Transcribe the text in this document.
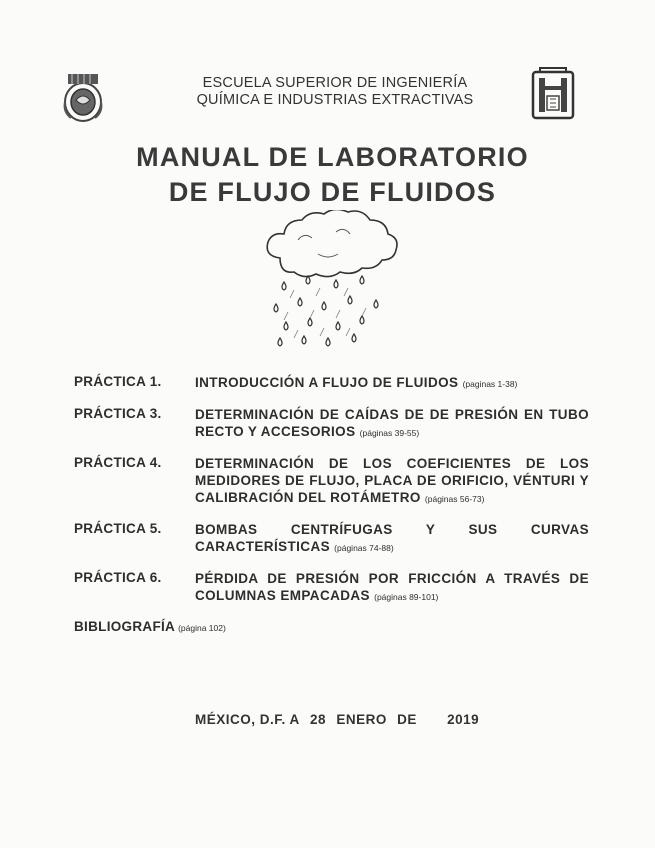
ESCUELA SUPERIOR DE INGENIERÍA
QUÍMICA E INDUSTRIAS EXTRACTIVAS
MANUAL DE LABORATORIO
DE FLUJO DE FLUIDOS
PRÁCTICA 1. INTRODUCCIÓN A FLUJO DE FLUIDOS (paginas 1-38)
PRÁCTICA 3. DETERMINACIÓN DE CAÍDAS DE DE PRESIÓN EN TUBO RECTO Y ACCESORIOS (páginas 39-55)
PRÁCTICA 4. DETERMINACIÓN DE LOS COEFICIENTES DE LOS MEDIDORES DE FLUJO, PLACA DE ORIFICIO, VÉNTURI Y CALIBRACIÓN DEL ROTÁMETRO (páginas 56-73)
PRÁCTICA 5. BOMBAS CENTRÍFUGAS Y SUS CURVAS CARACTERÍSTICAS (páginas 74-88)
PRÁCTICA 6. PÉRDIDA DE PRESIÓN POR FRICCIÓN A TRAVÉS DE COLUMNAS EMPACADAS (páginas 89-101)
BIBLIOGRAFÍA (página 102)
MÉXICO, D.F. A 28 ENERO DE 2019
